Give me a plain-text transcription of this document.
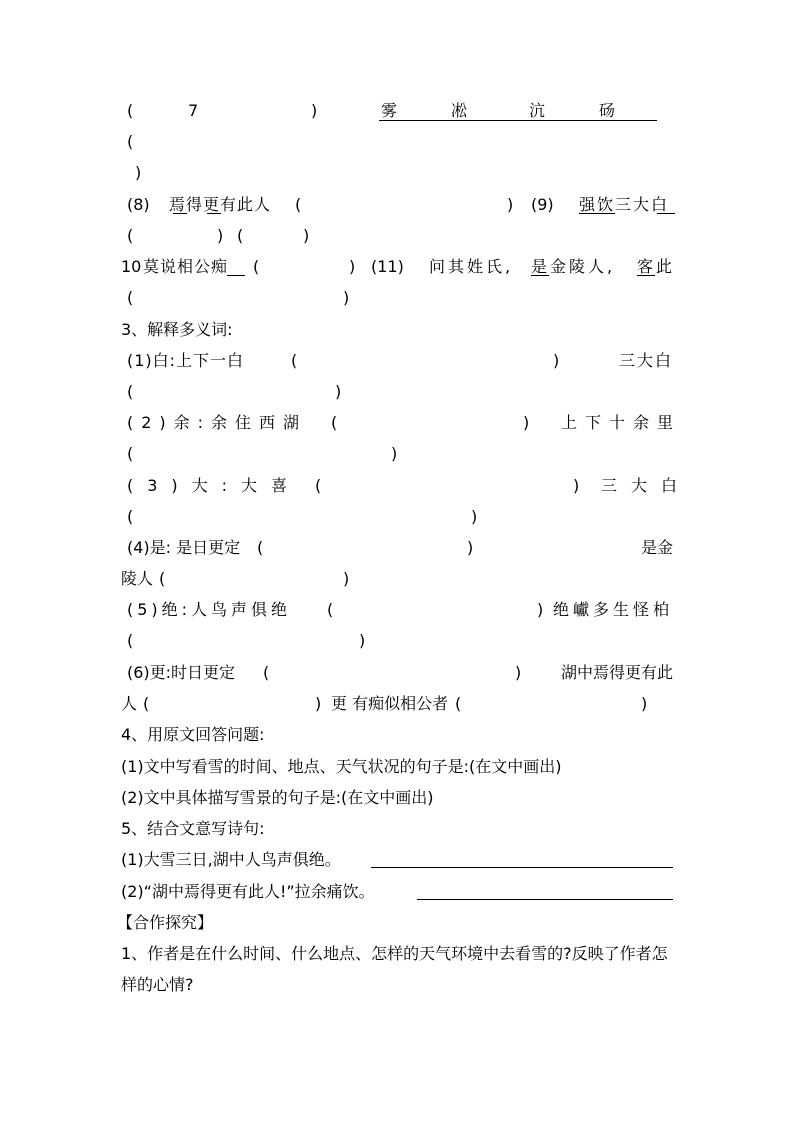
(	7	)	雾	凇	沆	砀
(
)
(8) 焉得更有此人 (	) (9) 强饮三大白
(	) (	)
10 莫说相公痴 (	) (11) 问其姓氏, 是金陵人, 客此
(	)
3、解释多义词:
(1)白:上下一白	(	)	三大白
(	)
(2)余:余住西湖 (	) 上下十余里
(	)
(3)大:大喜 (	) 三大白
(	)
(4)是: 是日更定 (	)	是金
陵人 (	)
(5)绝:人鸟声俱绝 (	) 绝巘多生怪柏
(	)
(6)更:时日更定 (	) 湖中焉得更有此
人 (	) 更 有痴似相公者 (	)
4、用原文回答问题:
(1)文中写看雪的时间、地点、天气状况的句子是:(在文中画出)
(2)文中具体描写雪景的句子是:(在文中画出)
5、结合文意写诗句:
(1)大雪三日,湖中人鸟声俱绝。
(2)“湖中焉得更有此人!”拉余痛饮。
【合作探究】
1、作者是在什么时间、什么地点、怎样的天气环境中去看雪的?反映了作者怎
样的心情?
